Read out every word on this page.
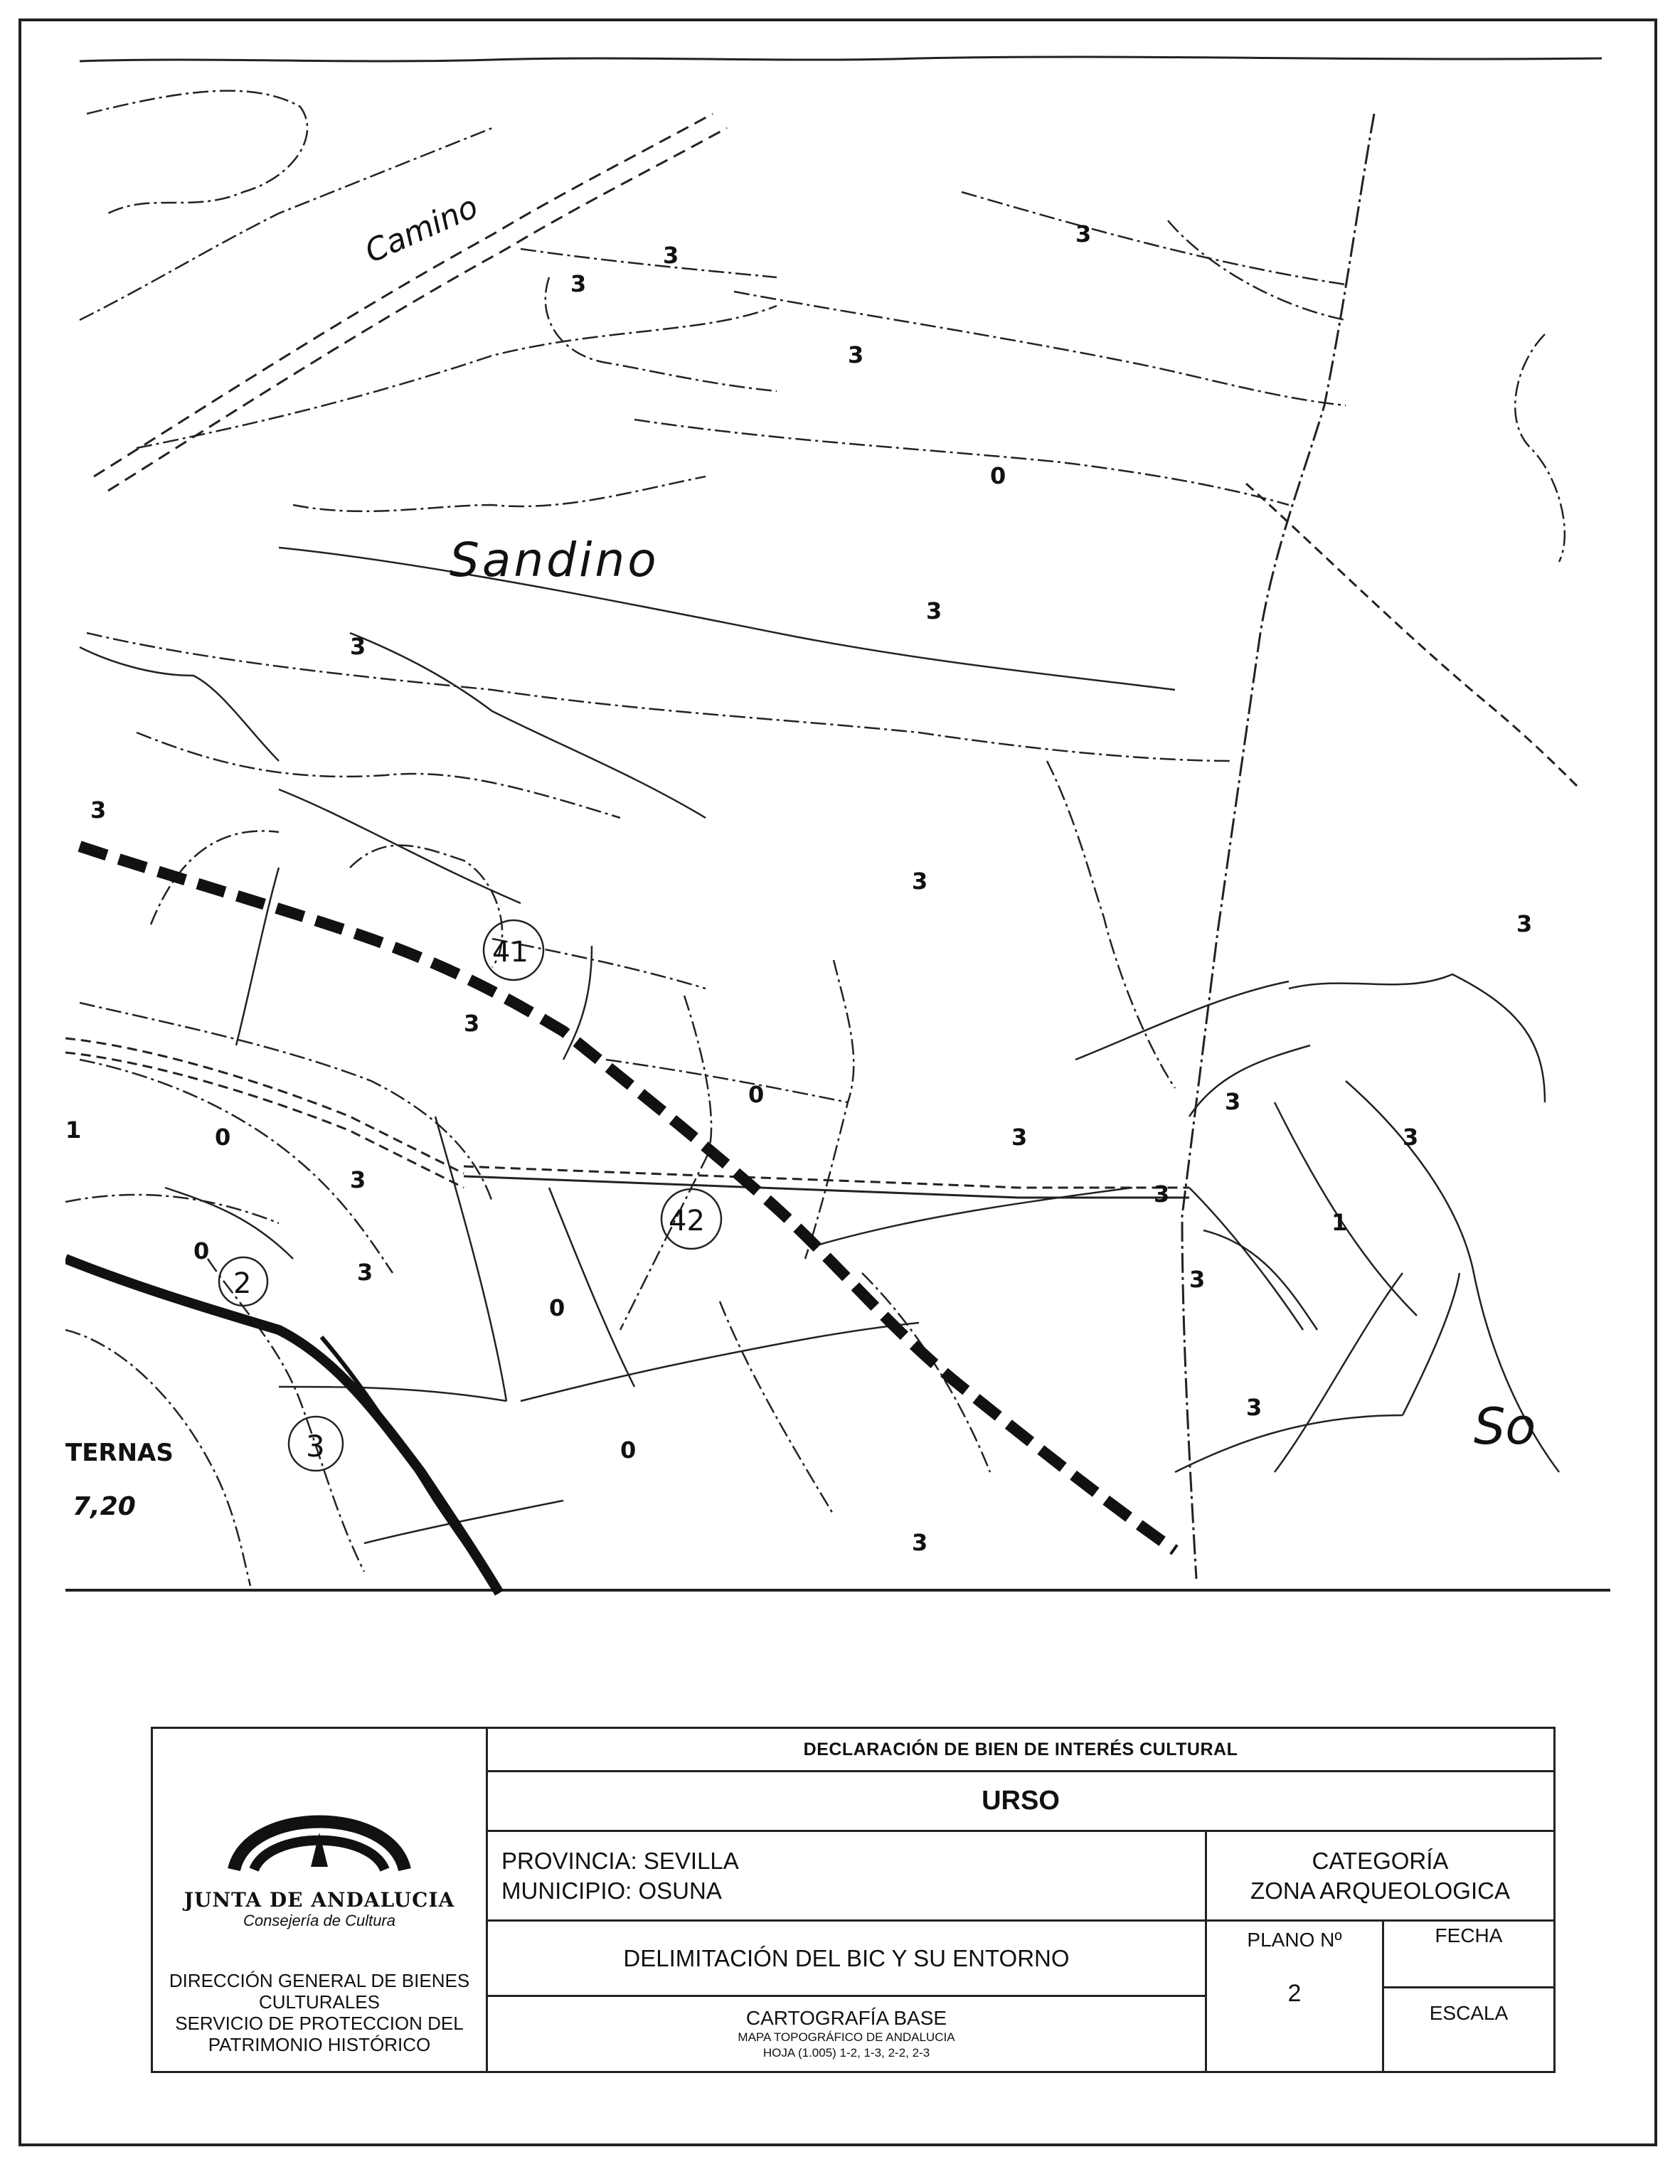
Sandino
So
Camino
TERNAS
7,20
41
42
2
3
3
3
3
3
3
3
3
3
3
3
3
3
3
3
3
3
3
3
3
0
0
0
0
0
0
1
1
JUNTA DE ANDALUCIA
Consejería de Cultura
DIRECCIÓN GENERAL DE BIENES
CULTURALES
SERVICIO DE PROTECCION DEL
PATRIMONIO HISTÓRICO
DECLARACIÓN DE BIEN DE INTERÉS CULTURAL
URSO
PROVINCIA: SEVILLA
MUNICIPIO: OSUNA
CATEGORÍA
ZONA ARQUEOLOGICA
DELIMITACIÓN DEL BIC Y SU ENTORNO
CARTOGRAFÍA BASE
MAPA TOPOGRÁFICO DE ANDALUCIA
HOJA (1.005) 1-2, 1-3, 2-2, 2-3
PLANO Nº
2
FECHA
ESCALA
